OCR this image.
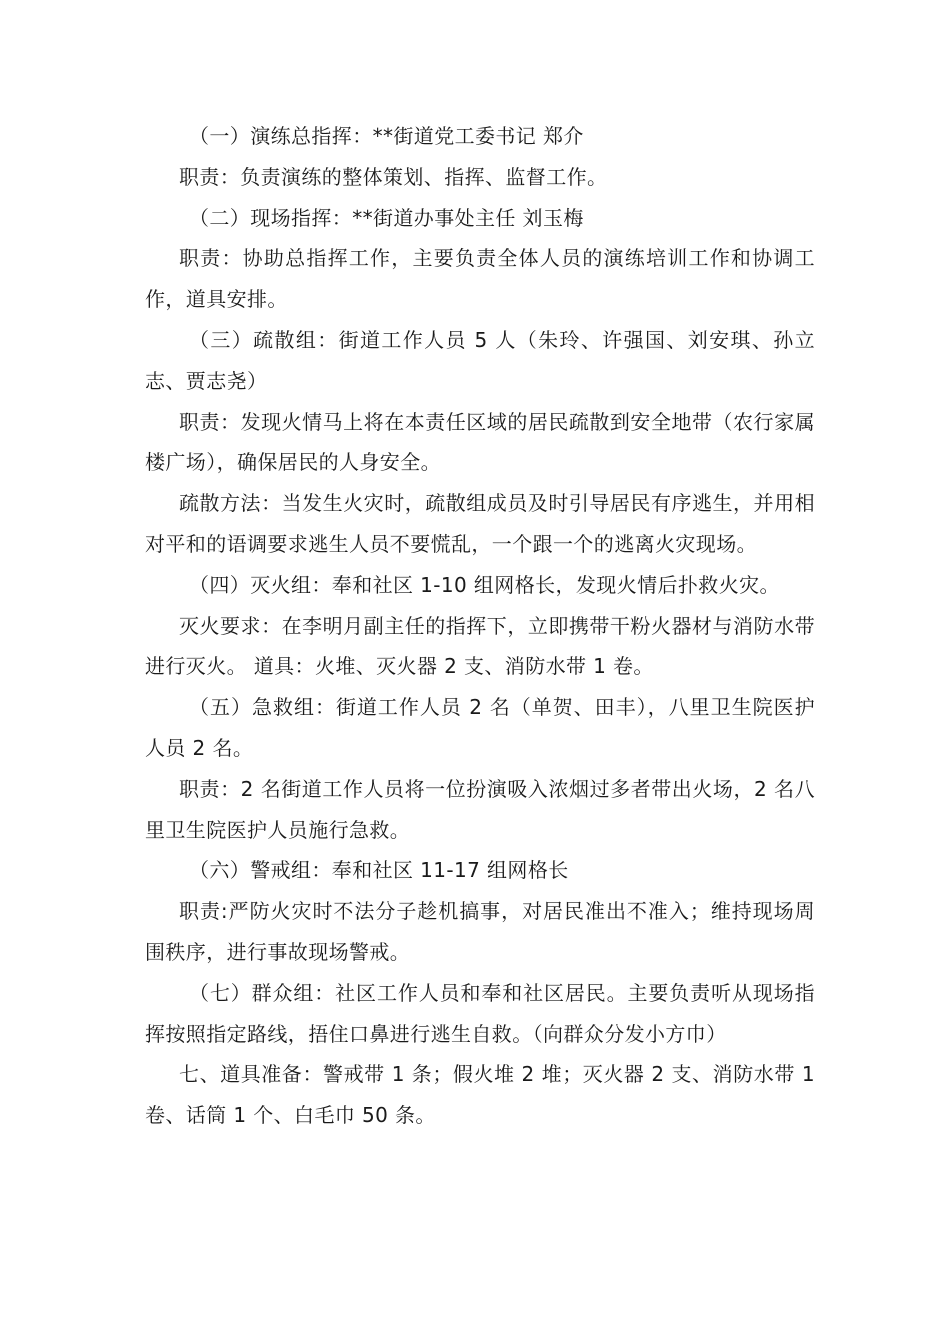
（一）演练总指挥：**街道党工委书记 郑介

职责：负责演练的整体策划、指挥、监督工作。

（二）现场指挥：**街道办事处主任 刘玉梅

职责：协助总指挥工作，主要负责全体人员的演练培训工作和协调工作，道具安排。

（三）疏散组：街道工作人员 5 人（朱玲、许强国、刘安琪、孙立志、贾志尧）

职责：发现火情马上将在本责任区域的居民疏散到安全地带（农行家属楼广场），确保居民的人身安全。

疏散方法：当发生火灾时，疏散组成员及时引导居民有序逃生，并用相对平和的语调要求逃生人员不要慌乱，一个跟一个的逃离火灾现场。

（四）灭火组：奉和社区 1-10 组网格长，发现火情后扑救火灾。

灭火要求：在李明月副主任的指挥下，立即携带干粉火器材与消防水带进行灭火。 道具：火堆、灭火器 2 支、消防水带 1 卷。

（五）急救组：街道工作人员 2 名（单贺、田丰），八里卫生院医护人员 2 名。

职责：2 名街道工作人员将一位扮演吸入浓烟过多者带出火场，2 名八里卫生院医护人员施行急救。

（六）警戒组：奉和社区 11-17 组网格长

职责:严防火灾时不法分子趁机搞事，对居民准出不准入；维持现场周围秩序，进行事故现场警戒。

（七）群众组：社区工作人员和奉和社区居民。主要负责听从现场指挥按照指定路线，捂住口鼻进行逃生自救。（向群众分发小方巾）

七、道具准备：警戒带 1 条；假火堆 2 堆；灭火器 2 支、消防水带 1 卷、话筒 1 个、白毛巾 50 条。
